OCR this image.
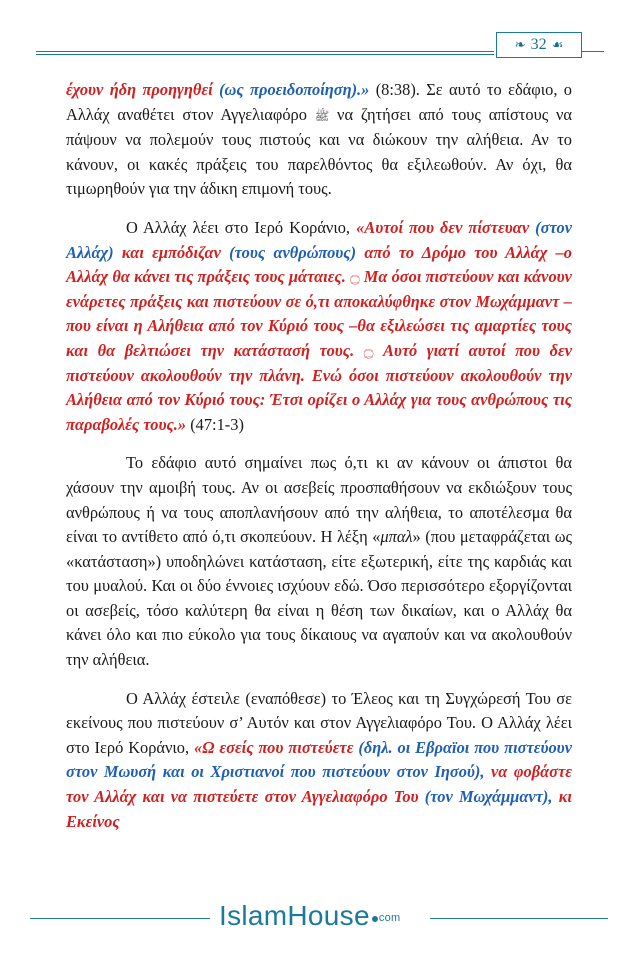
❧ 32 ☙

έχουν ήδη προηγηθεί (ως προειδοποίηση).» (8:38). Σε αυτό το εδάφιο, ο Αλλάχ αναθέτει στον Αγγελιαφόρο ﷺ να ζητήσει από τους απίστους να πάψουν να πολεμούν τους πιστούς και να διώκουν την αλήθεια. Αν το κάνουν, οι κακές πράξεις του παρελθόντος θα εξιλεωθούν. Αν όχι, θα τιμωρηθούν για την άδικη επιμονή τους.

Ο Αλλάχ λέει στο Ιερό Κοράνιο, «Αυτοί που δεν πίστευαν (στον Αλλάχ) και εμπόδιζαν (τους ανθρώπους) από το Δρόμο του Αλλάχ –ο Αλλάχ θα κάνει τις πράξεις τους μάταιες. ۝ Μα όσοι πιστεύουν και κάνουν ενάρετες πράξεις και πιστεύουν σε ό,τι αποκαλύφθηκε στον Μωχάμμαντ –που είναι η Αλήθεια από τον Κύριό τους –θα εξιλεώσει τις αμαρτίες τους και θα βελτιώσει την κατάστασή τους. ۝ Αυτό γιατί αυτοί που δεν πιστεύουν ακολουθούν την πλάνη. Ενώ όσοι πιστεύουν ακολουθούν την Αλήθεια από τον Κύριό τους: Έτσι ορίζει ο Αλλάχ για τους ανθρώπους τις παραβολές τους.» (47:1-3)

Το εδάφιο αυτό σημαίνει πως ό,τι κι αν κάνουν οι άπιστοι θα χάσουν την αμοιβή τους. Αν οι ασεβείς προσπαθήσουν να εκδιώξουν τους ανθρώπους ή να τους αποπλανήσουν από την αλήθεια, το αποτέλεσμα θα είναι το αντίθετο από ό,τι σκοπεύουν. Η λέξη «μπαλ» (που μεταφράζεται ως «κατάσταση») υποδηλώνει κατάσταση, είτε εξωτερική, είτε της καρδιάς και του μυαλού. Και οι δύο έννοιες ισχύουν εδώ. Όσο περισσότερο εξοργίζονται οι ασεβείς, τόσο καλύτερη θα είναι η θέση των δικαίων, και ο Αλλάχ θα κάνει όλο και πιο εύκολο για τους δίκαιους να αγαπούν και να ακολουθούν την αλήθεια.

Ο Αλλάχ έστειλε (εναπόθεσε) το Έλεος και τη Συγχώρεσή Του σε εκείνους που πιστεύουν σ’ Αυτόν και στον Αγγελιαφόρο Του. Ο Αλλάχ λέει στο Ιερό Κοράνιο, «Ω εσείς που πιστεύετε (δηλ. οι Εβραϊοι που πιστεύουν στον Μωυσή και οι Χριστιανοί που πιστεύουν στον Ιησού), να φοβάστε τον Αλλάχ και να πιστεύετε στον Αγγελιαφόρο Του (τον Μωχάμμαντ), κι Εκείνος

IslamHouse com
